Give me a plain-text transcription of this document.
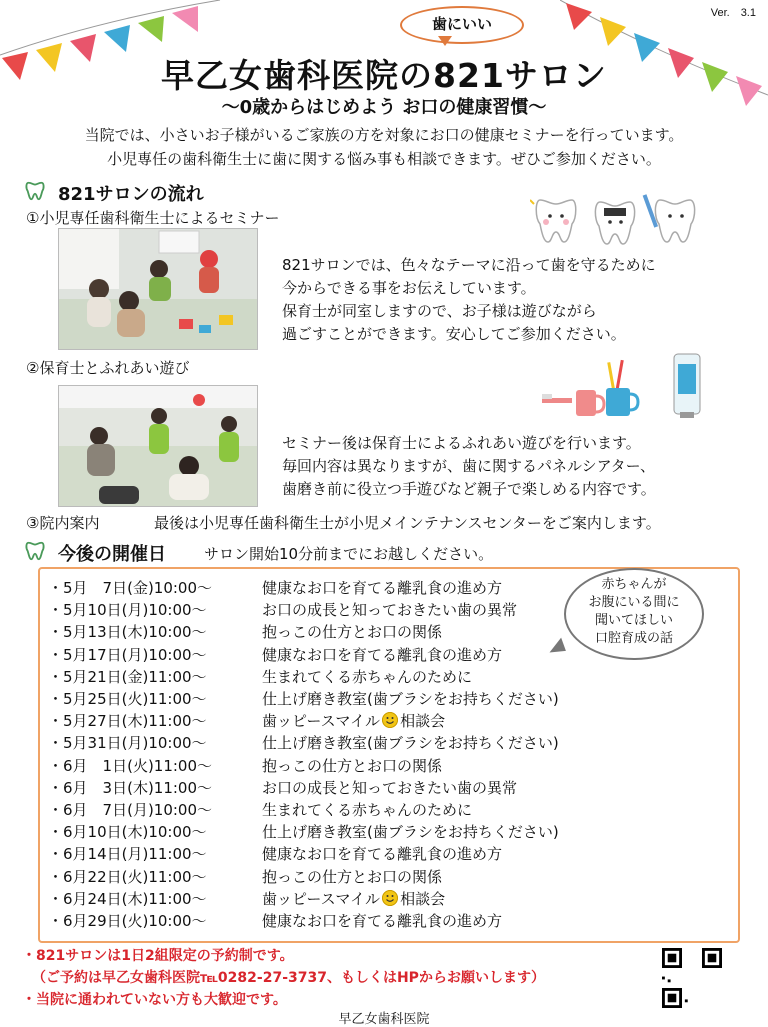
Ver.　3.1
歯にいい
早乙女歯科医院の821サロン
～0歳からはじめよう お口の健康習慣～
当院では、小さいお子様がいるご家族の方を対象にお口の健康セミナーを行っています。
小児専任の歯科衛生士に歯に関する悩み事も相談できます。ぜひご参加ください。
821サロンの流れ
①小児専任歯科衛生士によるセミナー
821サロンでは、色々なテーマに沿って歯を守るために
今からできる事をお伝えしています。
保育士が同室しますので、お子様は遊びながら
過ごすことができます。安心してご参加ください。
②保育士とふれあい遊び
セミナー後は保育士によるふれあい遊びを行います。
毎回内容は異なりますが、歯に関するパネルシアター、
歯磨き前に役立つ手遊びなど親子で楽しめる内容です。
③院内案内	最後は小児専任歯科衛生士が小児メインテナンスセンターをご案内します。
今後の開催日	サロン開始10分前までにお越しください。
・5月　7日(金)10:00～	健康なお口を育てる離乳食の進め方
・5月10日(月)10:00～	お口の成長と知っておきたい歯の異常
・5月13日(木)10:00～	抱っこの仕方とお口の関係
・5月17日(月)10:00～	健康なお口を育てる離乳食の進め方
・5月21日(金)11:00～	生まれてくる赤ちゃんのために
・5月25日(火)11:00～	仕上げ磨き教室(歯ブラシをお持ちください)
・5月27日(木)11:00～	歯ッピースマイル 相談会
・5月31日(月)10:00～	仕上げ磨き教室(歯ブラシをお持ちください)
・6月　1日(火)11:00～	抱っこの仕方とお口の関係
・6月　3日(木)11:00～	お口の成長と知っておきたい歯の異常
・6月　7日(月)10:00～	生まれてくる赤ちゃんのために
・6月10日(木)10:00～	仕上げ磨き教室(歯ブラシをお持ちください)
・6月14日(月)11:00～	健康なお口を育てる離乳食の進め方
・6月22日(火)11:00～	抱っこの仕方とお口の関係
・6月24日(木)11:00～	歯ッピースマイル 相談会
・6月29日(火)10:00～	健康なお口を育てる離乳食の進め方
赤ちゃんが
お腹にいる間に
聞いてほしい
口腔育成の話
・821サロンは1日2組限定の予約制です。
（ご予約は早乙女歯科医院℡0282-27-3737、もしくはHPからお願いします）
・当院に通われていない方も大歓迎です。
早乙女歯科医院
